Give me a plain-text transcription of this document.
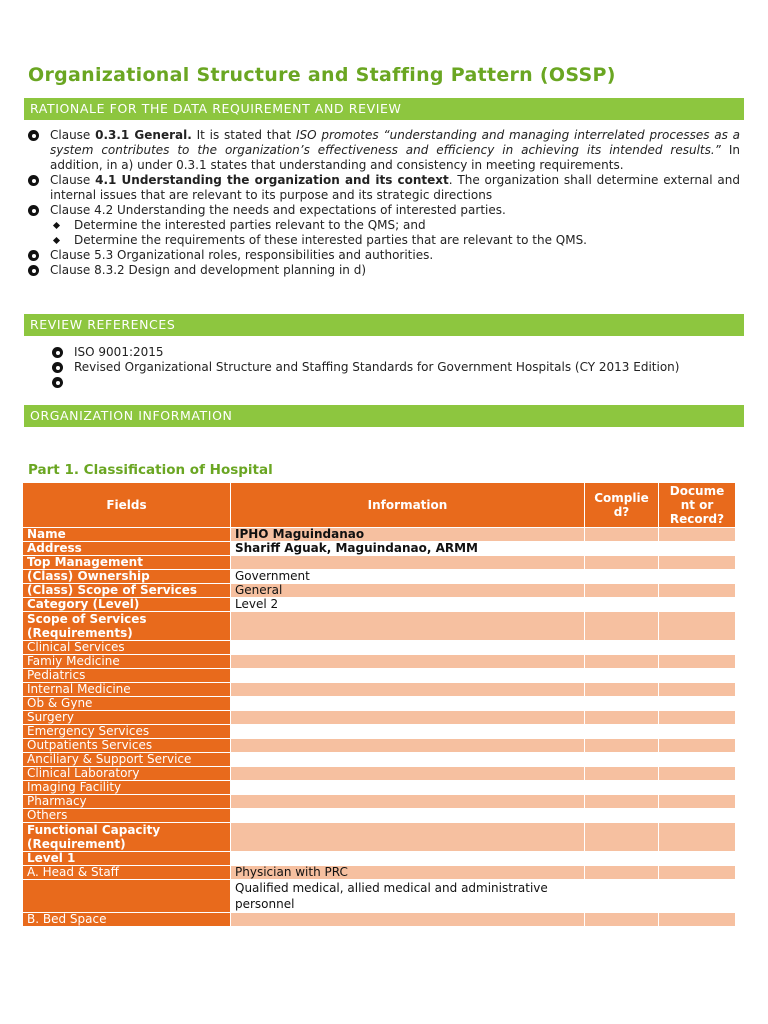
Organizational Structure and Staffing Pattern (OSSP)
RATIONALE FOR THE DATA REQUIREMENT AND REVIEW
Clause 0.3.1 General. It is stated that ISO promotes “understanding and managing interrelated processes as a system contributes to the organization’s effectiveness and efficiency in achieving its intended results.” In addition, in a) under 0.3.1 states that understanding and consistency in meeting requirements.
Clause 4.1 Understanding the organization and its context. The organization shall determine external and internal issues that are relevant to its purpose and its strategic directions
Clause 4.2 Understanding the needs and expectations of interested parties.
Determine the interested parties relevant to the QMS; and
Determine the requirements of these interested parties that are relevant to the QMS.
Clause 5.3 Organizational roles, responsibilities and authorities.
Clause 8.3.2 Design and development planning in d)
REVIEW REFERENCES
ISO 9001:2015
Revised Organizational Structure and Staffing Standards for Government Hospitals (CY 2013 Edition)
ORGANIZATION INFORMATION
Part 1. Classification of Hospital
Fields	Information	Complie d?	Docume nt or Record?
Name	IPHO Maguindanao		
Address	Shariff Aguak, Maguindanao, ARMM		
Top Management			
(Class) Ownership	Government		
(Class) Scope of Services	General		
Category (Level)	Level 2		
Scope of Services (Requirements)			
Clinical Services			
Famiy Medicine			
Pediatrics			
Internal Medicine			
Ob & Gyne			
Surgery			
Emergency Services			
Outpatients Services			
Anciliary & Support Service			
Clinical Laboratory			
Imaging Facility			
Pharmacy			
Others			
Functional Capacity (Requirement)			
Level 1			
A. Head & Staff	Physician with PRC		
	Qualified medical, allied medical and administrative personnel		
B. Bed Space			
